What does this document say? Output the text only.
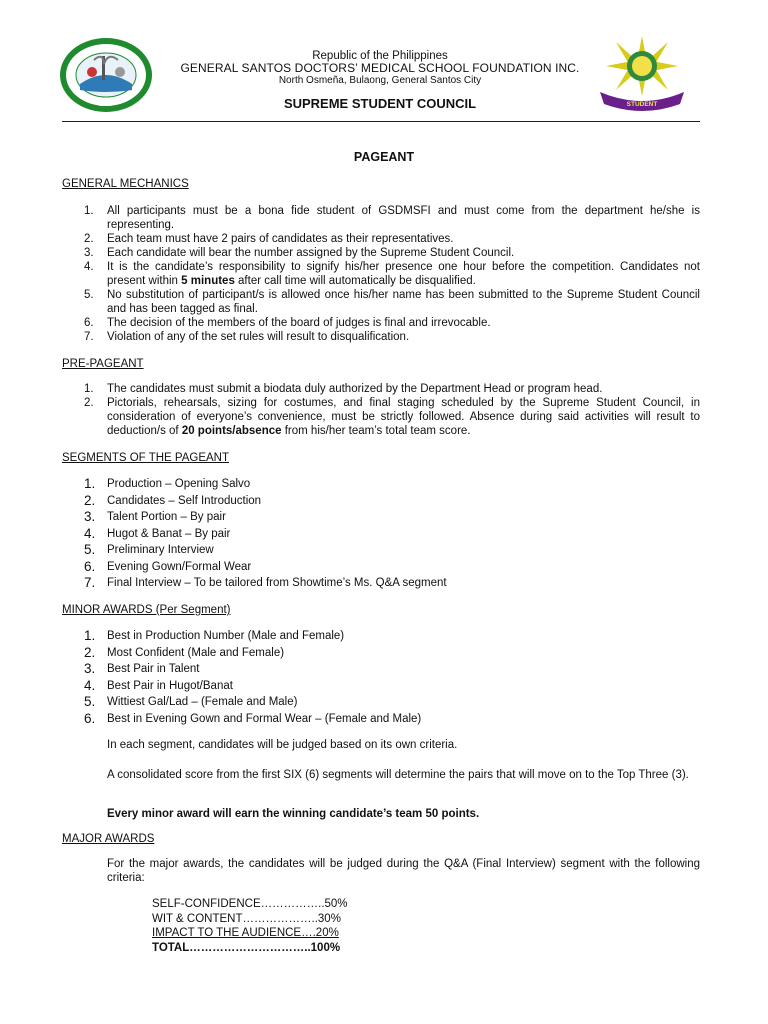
2007
Republic of the Philippines
GENERAL SANTOS DOCTORS’ MEDICAL SCHOOL FOUNDATION INC.
North Osmeña, Bulaong, General Santos City
SUPREME STUDENT COUNCIL	STUDENT
PAGEANT
GENERAL MECHANICS
1.	All participants must be a bona fide student of GSDMSFI and must come from the department he/she is representing.
2.	Each team must have 2 pairs of candidates as their representatives.
3.	Each candidate will bear the number assigned by the Supreme Student Council.
4.	It is the candidate’s responsibility to signify his/her presence one hour before the competition. Candidates not present within 5 minutes after call time will automatically be disqualified.
5.	No substitution of participant/s is allowed once his/her name has been submitted to the Supreme Student Council and has been tagged as final.
6.	The decision of the members of the board of judges is final and irrevocable.
7.	Violation of any of the set rules will result to disqualification.
PRE-PAGEANT
1.	The candidates must submit a biodata duly authorized by the Department Head or program head.
2.	Pictorials, rehearsals, sizing for costumes, and final staging scheduled by the Supreme Student Council, in consideration of everyone’s convenience, must be strictly followed. Absence during said activities will result to deduction/s of 20 points/absence from his/her team’s total team score.
SEGMENTS OF THE PAGEANT
1. Production – Opening Salvo
2. Candidates – Self Introduction
3. Talent Portion – By pair
4. Hugot & Banat – By pair
5. Preliminary Interview
6. Evening Gown/Formal Wear
7. Final Interview – To be tailored from Showtime’s Ms. Q&A segment
MINOR AWARDS (Per Segment)
1. Best in Production Number (Male and Female)
2. Most Confident (Male and Female)
3. Best Pair in Talent
4. Best Pair in Hugot/Banat
5. Wittiest Gal/Lad – (Female and Male)
6. Best in Evening Gown and Formal Wear – (Female and Male)
In each segment, candidates will be judged based on its own criteria.
A consolidated score from the first SIX (6) segments will determine the pairs that will move on to the Top Three (3).
Every minor award will earn the winning candidate’s team 50 points.
MAJOR AWARDS
For the major awards, the candidates will be judged during the Q&A (Final Interview) segment with the following criteria:
SELF-CONFIDENCE……………..50%
WIT & CONTENT………………..30%
IMPACT TO THE AUDIENCE….20%
TOTAL…………………………..100%
